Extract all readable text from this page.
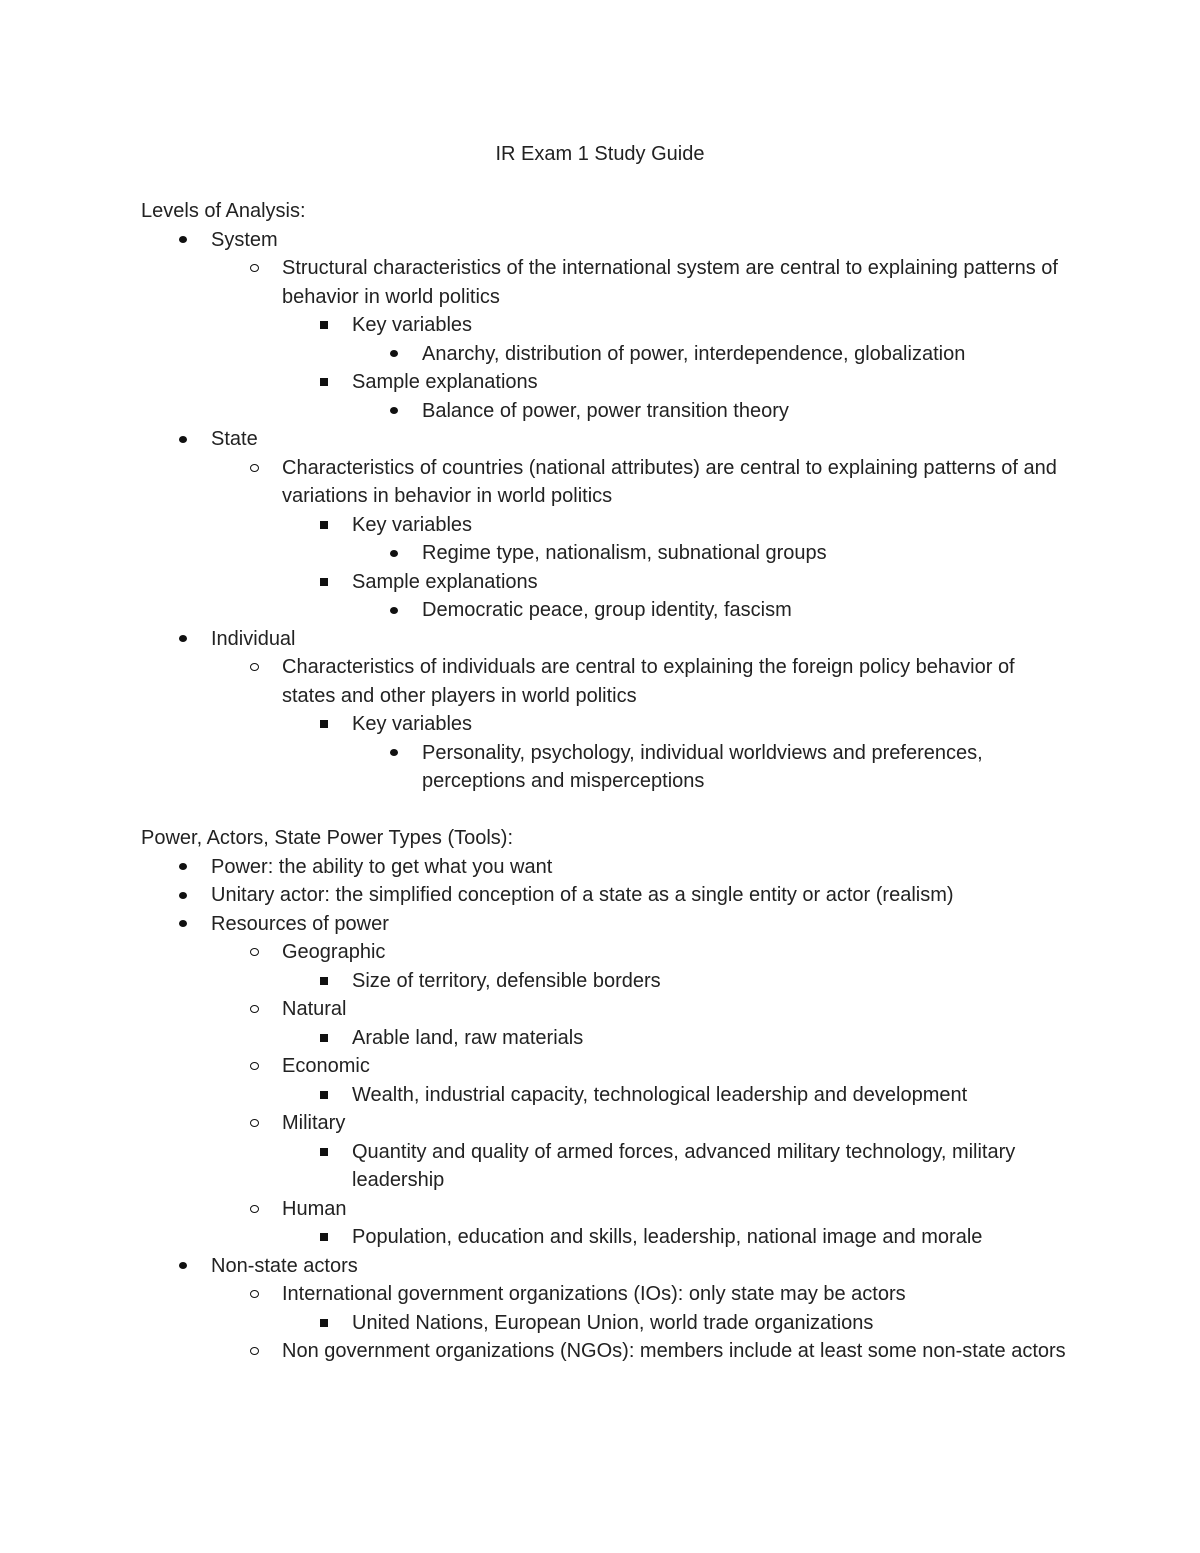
IR Exam 1 Study Guide
Levels of Analysis:
System
Structural characteristics of the international system are central to explaining patterns of behavior in world politics
Key variables
Anarchy, distribution of power, interdependence, globalization
Sample explanations
Balance of power, power transition theory
State
Characteristics of countries (national attributes) are central to explaining patterns of and variations in behavior in world politics
Key variables
Regime type, nationalism, subnational groups
Sample explanations
Democratic peace, group identity, fascism
Individual
Characteristics of individuals are central to explaining the foreign policy behavior of states and other players in world politics
Key variables
Personality, psychology, individual worldviews and preferences, perceptions and misperceptions
Power, Actors, State Power Types (Tools):
Power: the ability to get what you want
Unitary actor: the simplified conception of a state as a single entity or actor (realism)
Resources of power
Geographic
Size of territory, defensible borders
Natural
Arable land, raw materials
Economic
Wealth, industrial capacity, technological leadership and development
Military
Quantity and quality of armed forces, advanced military technology, military leadership
Human
Population, education and skills, leadership, national image and morale
Non-state actors
International government organizations (IOs): only state may be actors
United Nations, European Union, world trade organizations
Non government organizations (NGOs): members include at least some non-state actors
